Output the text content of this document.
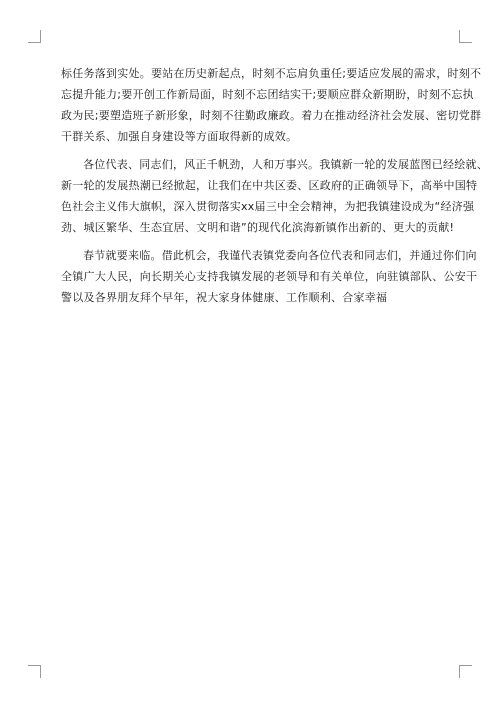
标任务落到实处。要站在历史新起点，时刻不忘肩负重任;要适应发展的需求，时刻不
忘提升能力;要开创工作新局面，时刻不忘团结实干;要顺应群众新期盼，时刻不忘执
政为民;要塑造班子新形象，时刻不往勤政廉政。着力在推动经济社会发展、密切党群
干群关系、加强自身建设等方面取得新的成效。
各位代表、同志们，风正千帆劲，人和万事兴。我镇新一轮的发展蓝图已经绘就、
新一轮的发展热潮已经掀起，让我们在中共区委、区政府的正确领导下，高举中国特
色社会主义伟大旗帜，深入贯彻落实xx届三中全会精神，为把我镇建设成为“经济强
劲、城区繁华、生态宜居、文明和谐”的现代化滨海新镇作出新的、更大的贡献!
春节就要来临。借此机会，我谨代表镇党委向各位代表和同志们，并通过你们向
全镇广大人民，向长期关心支持我镇发展的老领导和有关单位，向驻镇部队、公安干
警以及各界朋友拜个早年，祝大家身体健康、工作顺利、合家幸福
